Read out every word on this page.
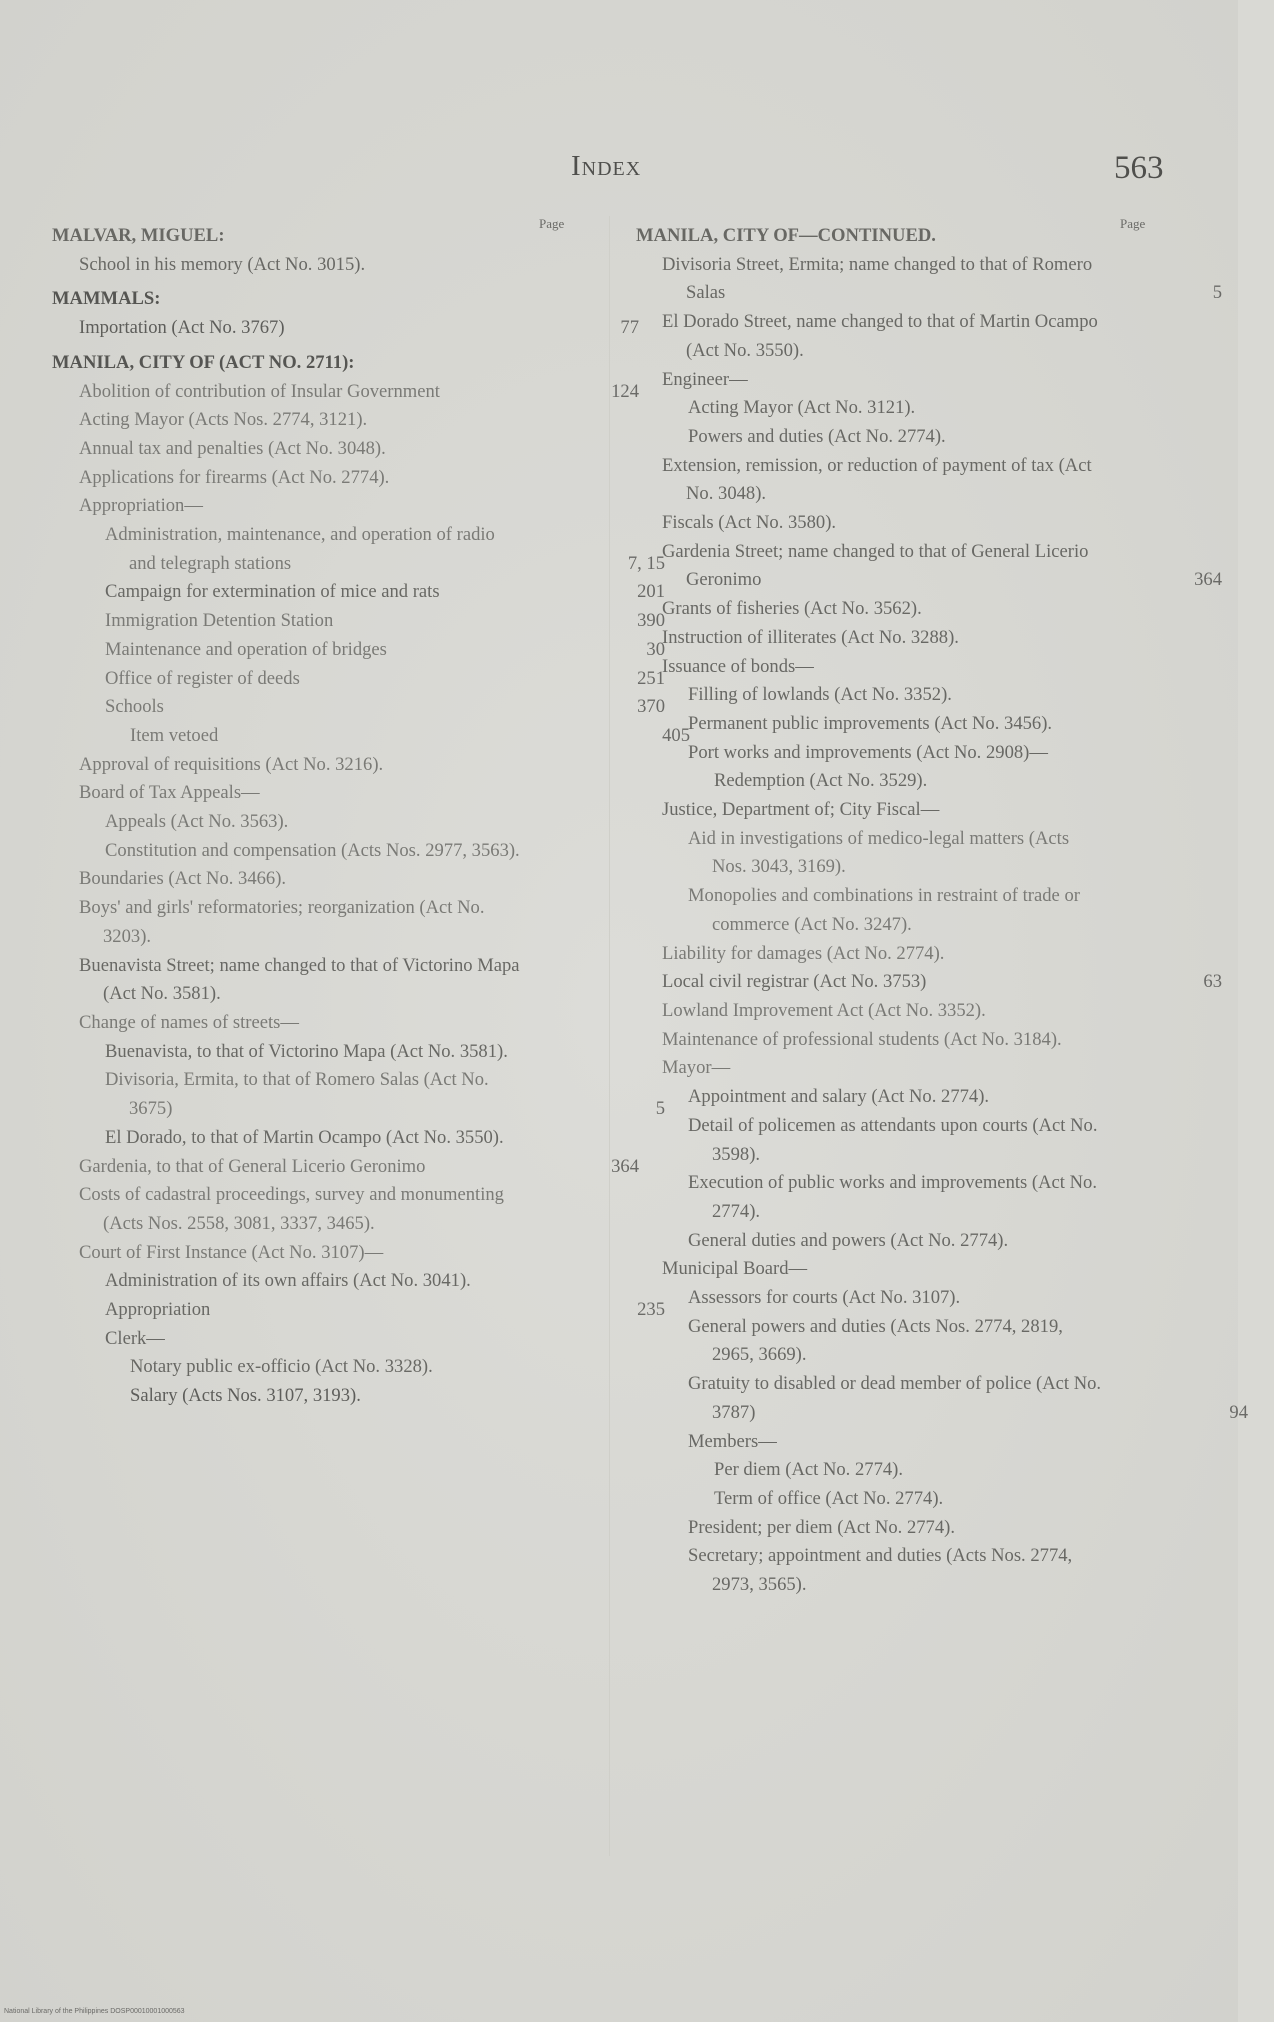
Index	563
Page
MALVAR, MIGUEL:
School in his memory (Act No. 3015).
MAMMALS:
Importation (Act No. 3767)	77
MANILA, CITY OF (ACT NO. 2711):
Abolition of contribution of Insular Government	124
Acting Mayor (Acts Nos. 2774, 3121).
Annual tax and penalties (Act No. 3048).
Applications for firearms (Act No. 2774).
Appropriation—
Administration, maintenance, and operation of radio and telegraph stations	7, 15
Campaign for extermination of mice and rats	201
Immigration Detention Station	390
Maintenance and operation of bridges	30
Office of register of deeds	251
Schools	370
Item vetoed	405
Approval of requisitions (Act No. 3216).
Board of Tax Appeals—
Appeals (Act No. 3563).
Constitution and compensation (Acts Nos. 2977, 3563).
Boundaries (Act No. 3466).
Boys' and girls' reformatories; reorganization (Act No. 3203).
Buenavista Street; name changed to that of Victorino Mapa (Act No. 3581).
Change of names of streets—
Buenavista, to that of Victorino Mapa (Act No. 3581).
Divisoria, Ermita, to that of Romero Salas (Act No. 3675)	5
El Dorado, to that of Martin Ocampo (Act No. 3550).
Gardenia, to that of General Licerio Geronimo	364
Costs of cadastral proceedings, survey and monumenting (Acts Nos. 2558, 3081, 3337, 3465).
Court of First Instance (Act No. 3107)—
Administration of its own affairs (Act No. 3041).
Appropriation	235
Clerk—
Notary public ex-officio (Act No. 3328).
Salary (Acts Nos. 3107, 3193).
Page
MANILA, CITY OF—CONTINUED.
Divisoria Street, Ermita; name changed to that of Romero Salas	5
El Dorado Street, name changed to that of Martin Ocampo (Act No. 3550).
Engineer—
Acting Mayor (Act No. 3121).
Powers and duties (Act No. 2774).
Extension, remission, or reduction of payment of tax (Act No. 3048).
Fiscals (Act No. 3580).
Gardenia Street; name changed to that of General Licerio Geronimo	364
Grants of fisheries (Act No. 3562).
Instruction of illiterates (Act No. 3288).
Issuance of bonds—
Filling of lowlands (Act No. 3352).
Permanent public improvements (Act No. 3456).
Port works and improvements (Act No. 2908)—
Redemption (Act No. 3529).
Justice, Department of; City Fiscal—
Aid in investigations of medico-legal matters (Acts Nos. 3043, 3169).
Monopolies and combinations in restraint of trade or commerce (Act No. 3247).
Liability for damages (Act No. 2774).
Local civil registrar (Act No. 3753)	63
Lowland Improvement Act (Act No. 3352).
Maintenance of professional students (Act No. 3184).
Mayor—
Appointment and salary (Act No. 2774).
Detail of policemen as attendants upon courts (Act No. 3598).
Execution of public works and improvements (Act No. 2774).
General duties and powers (Act No. 2774).
Municipal Board—
Assessors for courts (Act No. 3107).
General powers and duties (Acts Nos. 2774, 2819, 2965, 3669).
Gratuity to disabled or dead member of police (Act No. 3787)	94
Members—
Per diem (Act No. 2774).
Term of office (Act No. 2774).
President; per diem (Act No. 2774).
Secretary; appointment and duties (Acts Nos. 2774, 2973, 3565).
National Library of the Philippines DOSP00010001000563
